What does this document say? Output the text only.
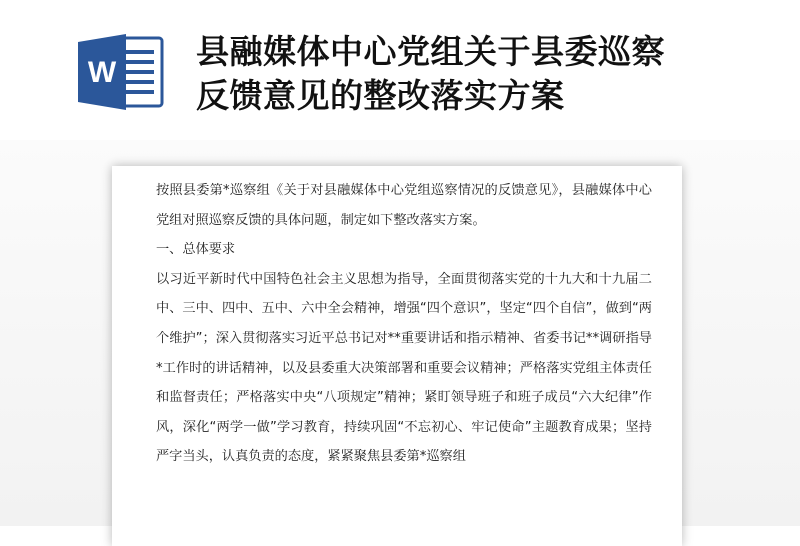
W
县融媒体中心党组关于县委巡察
反馈意见的整改落实方案

按照县委第*巡察组《关于对县融媒体中心党组巡察情况的反馈意见》，县融媒体中心党组对照巡察反馈的具体问题，制定如下整改落实方案。

一、总体要求

以习近平新时代中国特色社会主义思想为指导，全面贯彻落实党的十九大和十九届二中、三中、四中、五中、六中全会精神，增强“四个意识”，坚定“四个自信”，做到“两个维护”；深入贯彻落实习近平总书记对**重要讲话和指示精神、省委书记**调研指导*工作时的讲话精神，以及县委重大决策部署和重要会议精神；严格落实党组主体责任和监督责任；严格落实中央“八项规定”精神；紧盯领导班子和班子成员“六大纪律”作风，深化“两学一做”学习教育，持续巩固“不忘初心、牢记使命”主题教育成果；坚持严字当头，认真负责的态度，紧紧聚焦县委第*巡察组
